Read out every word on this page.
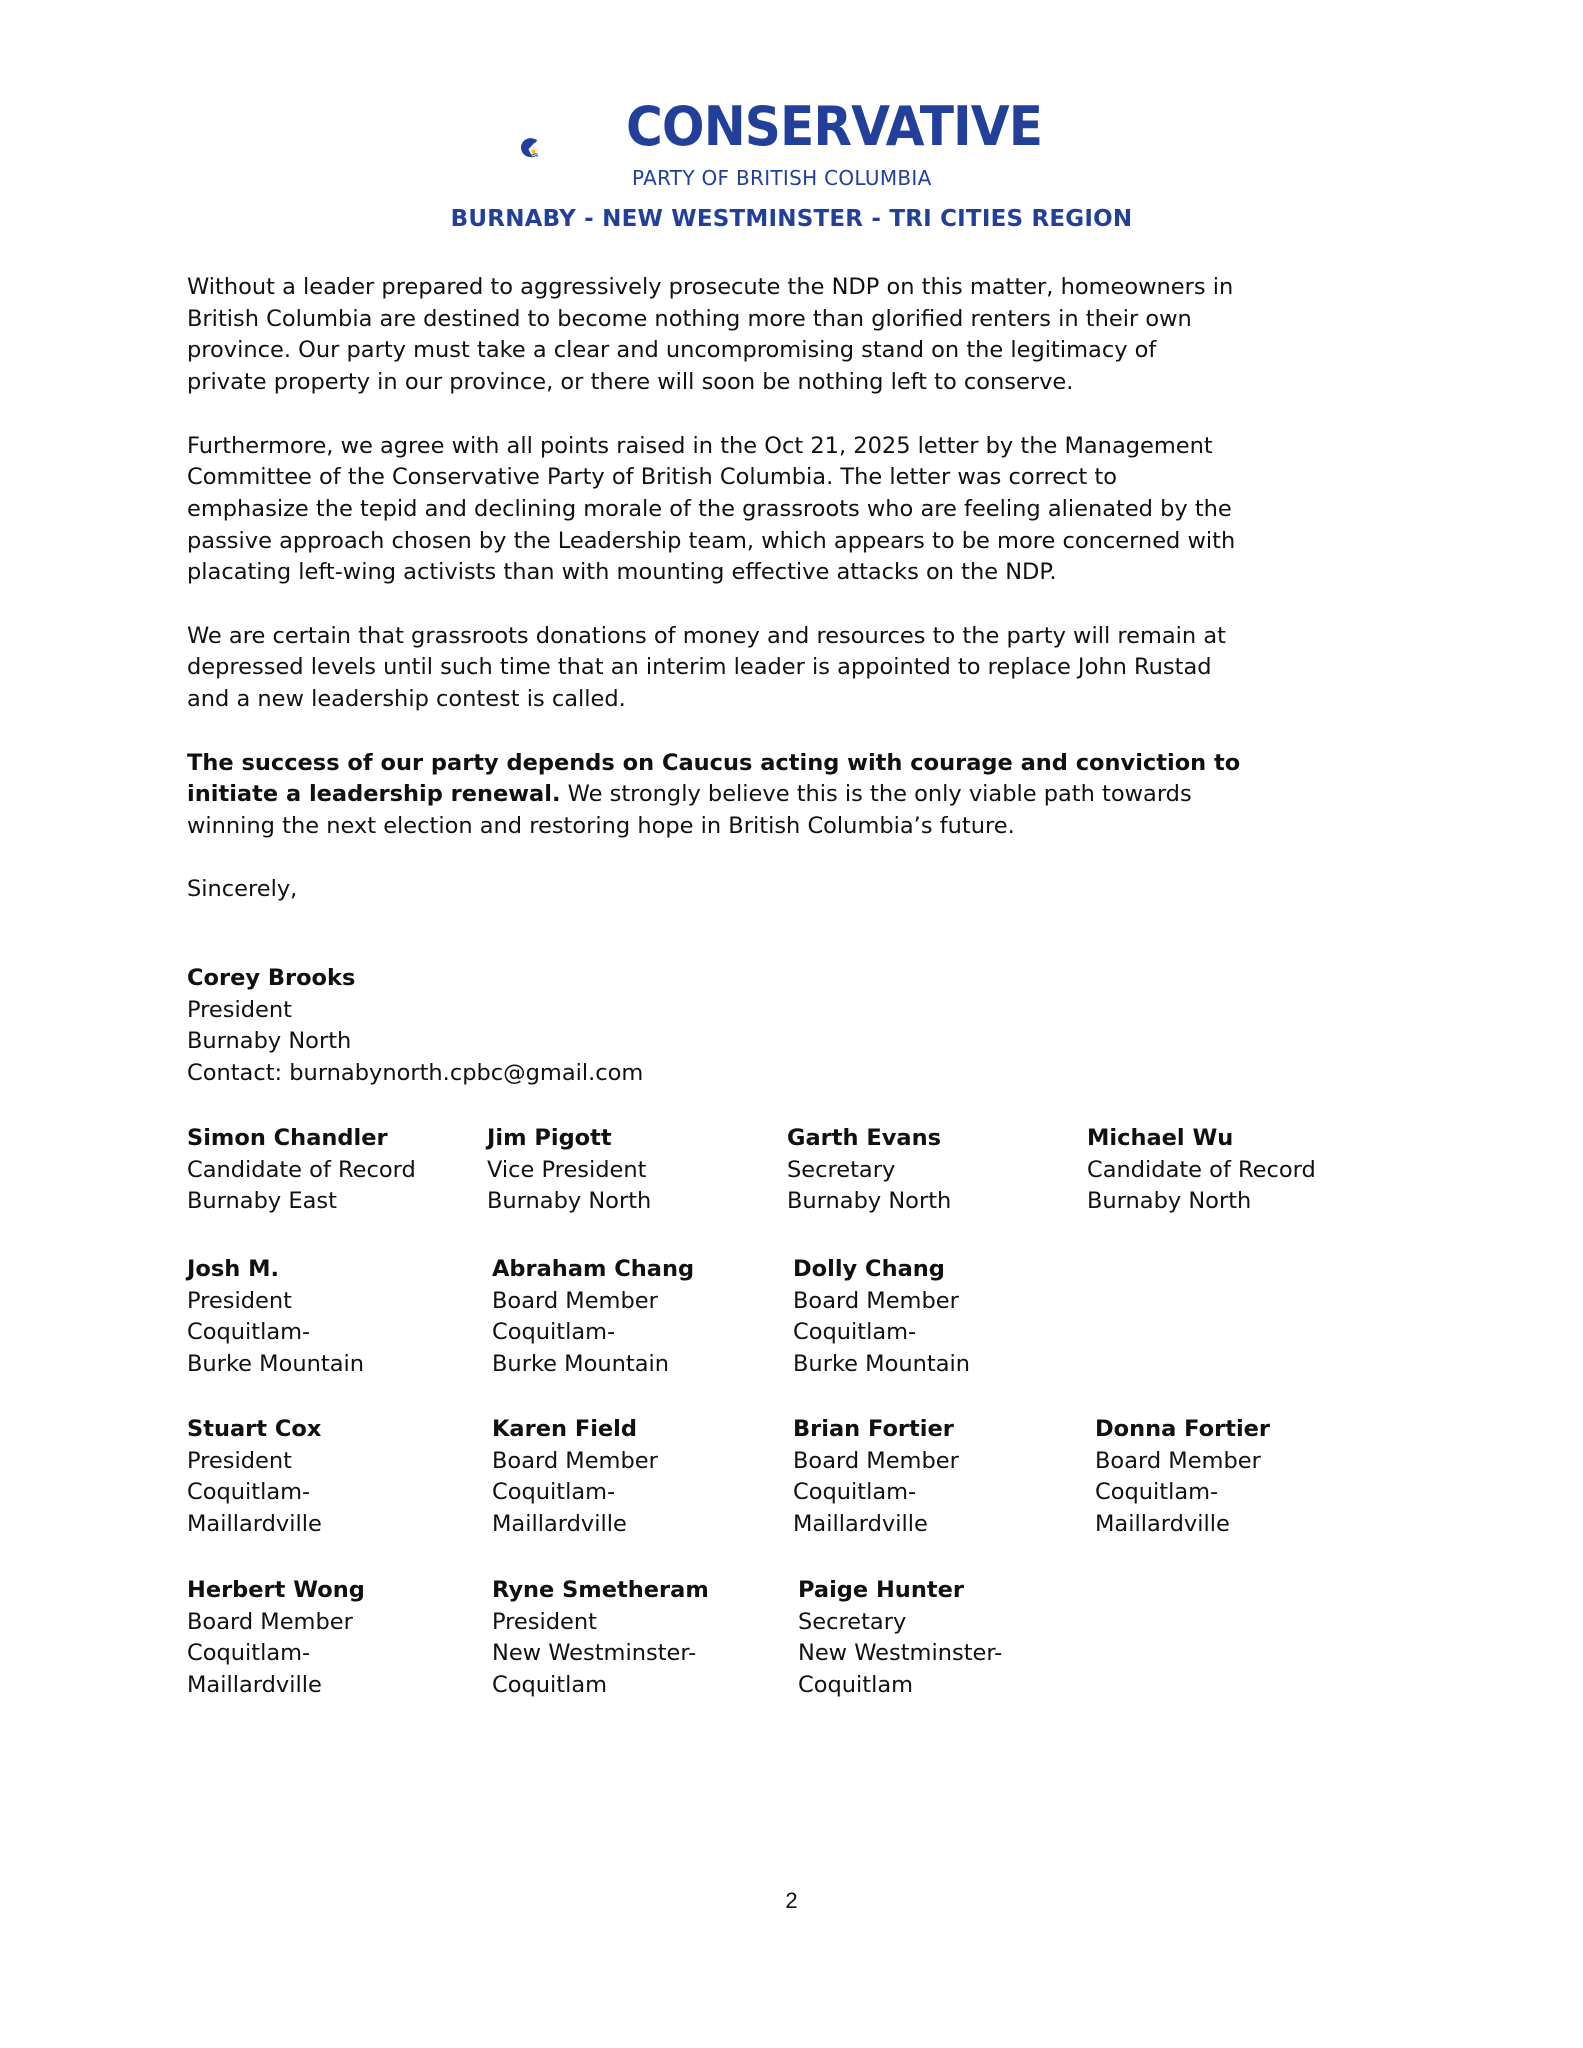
CONSERVATIVE
PARTY OF BRITISH COLUMBIA
BURNABY - NEW WESTMINSTER - TRI CITIES REGION
Without a leader prepared to aggressively prosecute the NDP on this matter, homeowners in
British Columbia are destined to become nothing more than glorified renters in their own
province. Our party must take a clear and uncompromising stand on the legitimacy of
private property in our province, or there will soon be nothing left to conserve.
Furthermore, we agree with all points raised in the Oct 21, 2025 letter by the Management
Committee of the Conservative Party of British Columbia. The letter was correct to
emphasize the tepid and declining morale of the grassroots who are feeling alienated by the
passive approach chosen by the Leadership team, which appears to be more concerned with
placating left-wing activists than with mounting effective attacks on the NDP.
We are certain that grassroots donations of money and resources to the party will remain at
depressed levels until such time that an interim leader is appointed to replace John Rustad
and a new leadership contest is called.
The success of our party depends on Caucus acting with courage and conviction to
initiate a leadership renewal. We strongly believe this is the only viable path towards
winning the next election and restoring hope in British Columbia’s future.
Sincerely,
Corey Brooks
President
Burnaby North
Contact: burnabynorth.cpbc@gmail.com
Simon Chandler
Candidate of Record
Burnaby East
Jim Pigott
Vice President
Burnaby North
Garth Evans
Secretary
Burnaby North
Michael Wu
Candidate of Record
Burnaby North
Josh M.
President
Coquitlam-
Burke Mountain
Abraham Chang
Board Member
Coquitlam-
Burke Mountain
Dolly Chang
Board Member
Coquitlam-
Burke Mountain
Stuart Cox
President
Coquitlam-
Maillardville
Karen Field
Board Member
Coquitlam-
Maillardville
Brian Fortier
Board Member
Coquitlam-
Maillardville
Donna Fortier
Board Member
Coquitlam-
Maillardville
Herbert Wong
Board Member
Coquitlam-
Maillardville
Ryne Smetheram
President
New Westminster-
Coquitlam
Paige Hunter
Secretary
New Westminster-
Coquitlam
2
